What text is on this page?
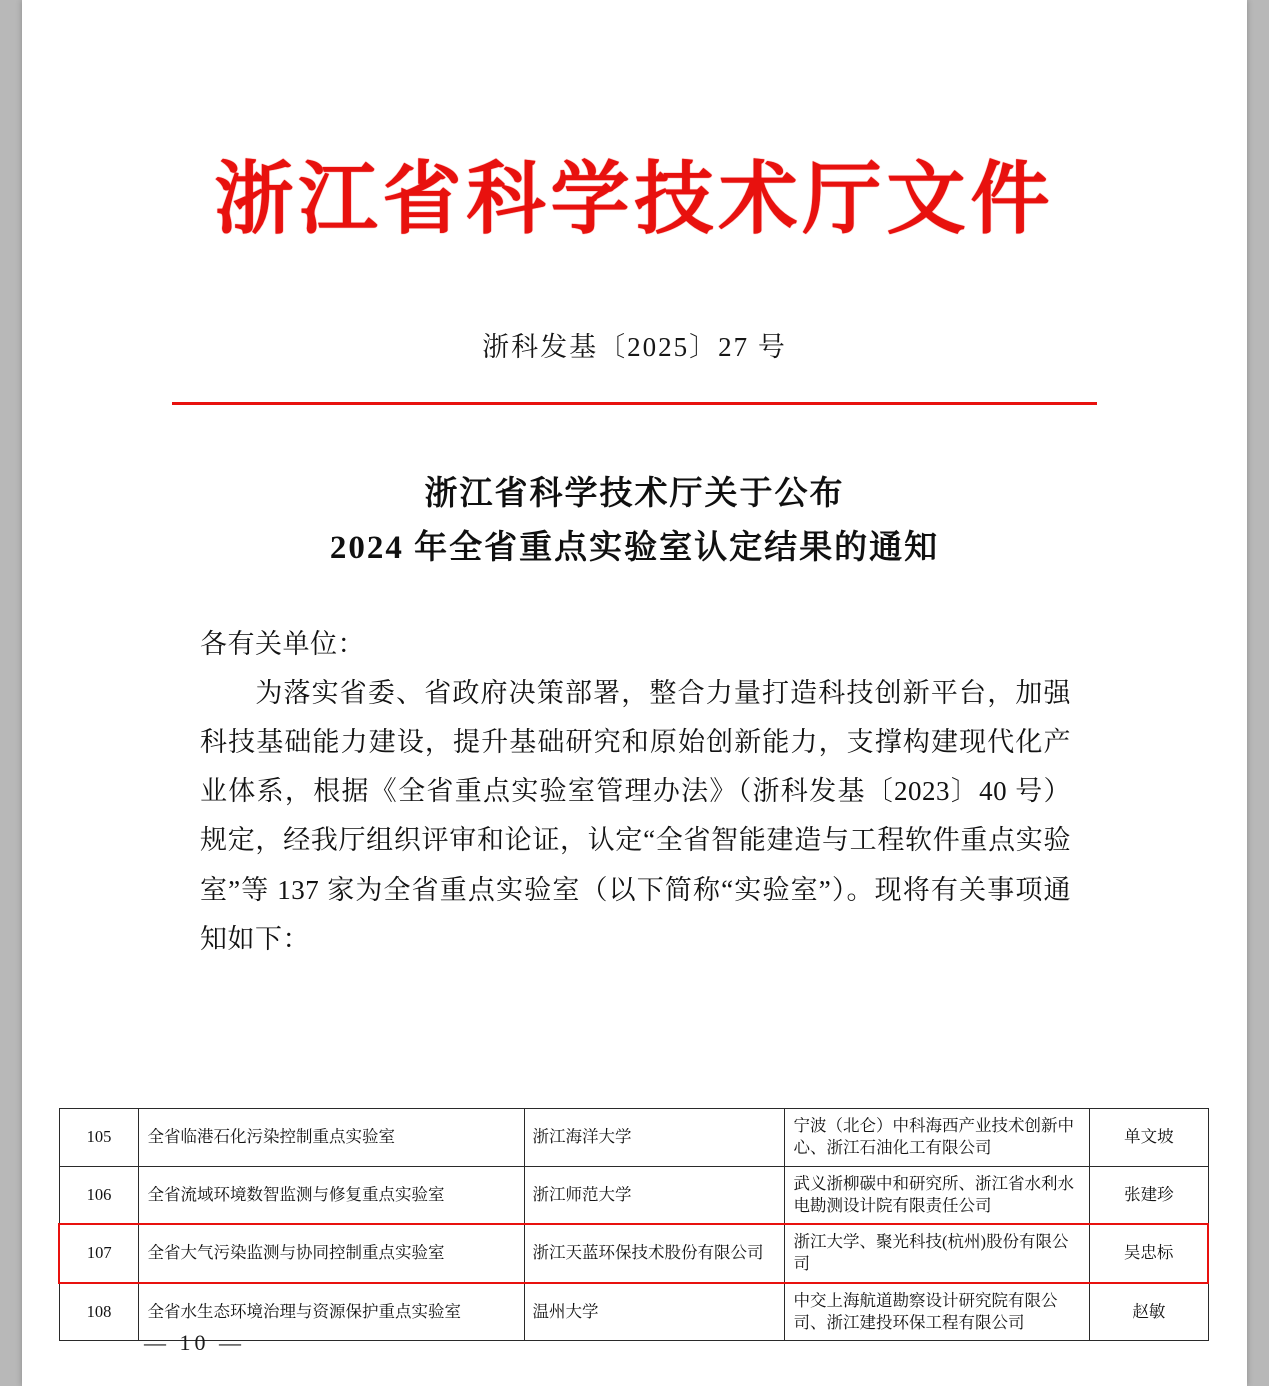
浙江省科学技术厅文件
浙科发基〔2025〕27 号
浙江省科学技术厅关于公布
2024 年全省重点实验室认定结果的通知

各有关单位：

为落实省委、省政府决策部署，整合力量打造科技创新平台，加强科技基础能力建设，提升基础研究和原始创新能力，支撑构建现代化产业体系，根据《全省重点实验室管理办法》（浙科发基〔2023〕40 号）规定，经我厅组织评审和论证，认定“全省智能建造与工程软件重点实验室”等 137 家为全省重点实验室（以下简称“实验室”）。现将有关事项通知如下：

105	全省临港石化污染控制重点实验室	浙江海洋大学	宁波（北仑）中科海西产业技术创新中心、浙江石油化工有限公司	单文坡
106	全省流域环境数智监测与修复重点实验室	浙江师范大学	武义浙柳碳中和研究所、浙江省水利水电勘测设计院有限责任公司	张建珍
107	全省大气污染监测与协同控制重点实验室	浙江天蓝环保技术股份有限公司	浙江大学、聚光科技(杭州)股份有限公司	吴忠标
108	全省水生态环境治理与资源保护重点实验室	温州大学	中交上海航道勘察设计研究院有限公司、浙江建投环保工程有限公司	赵敏
— 10 —
